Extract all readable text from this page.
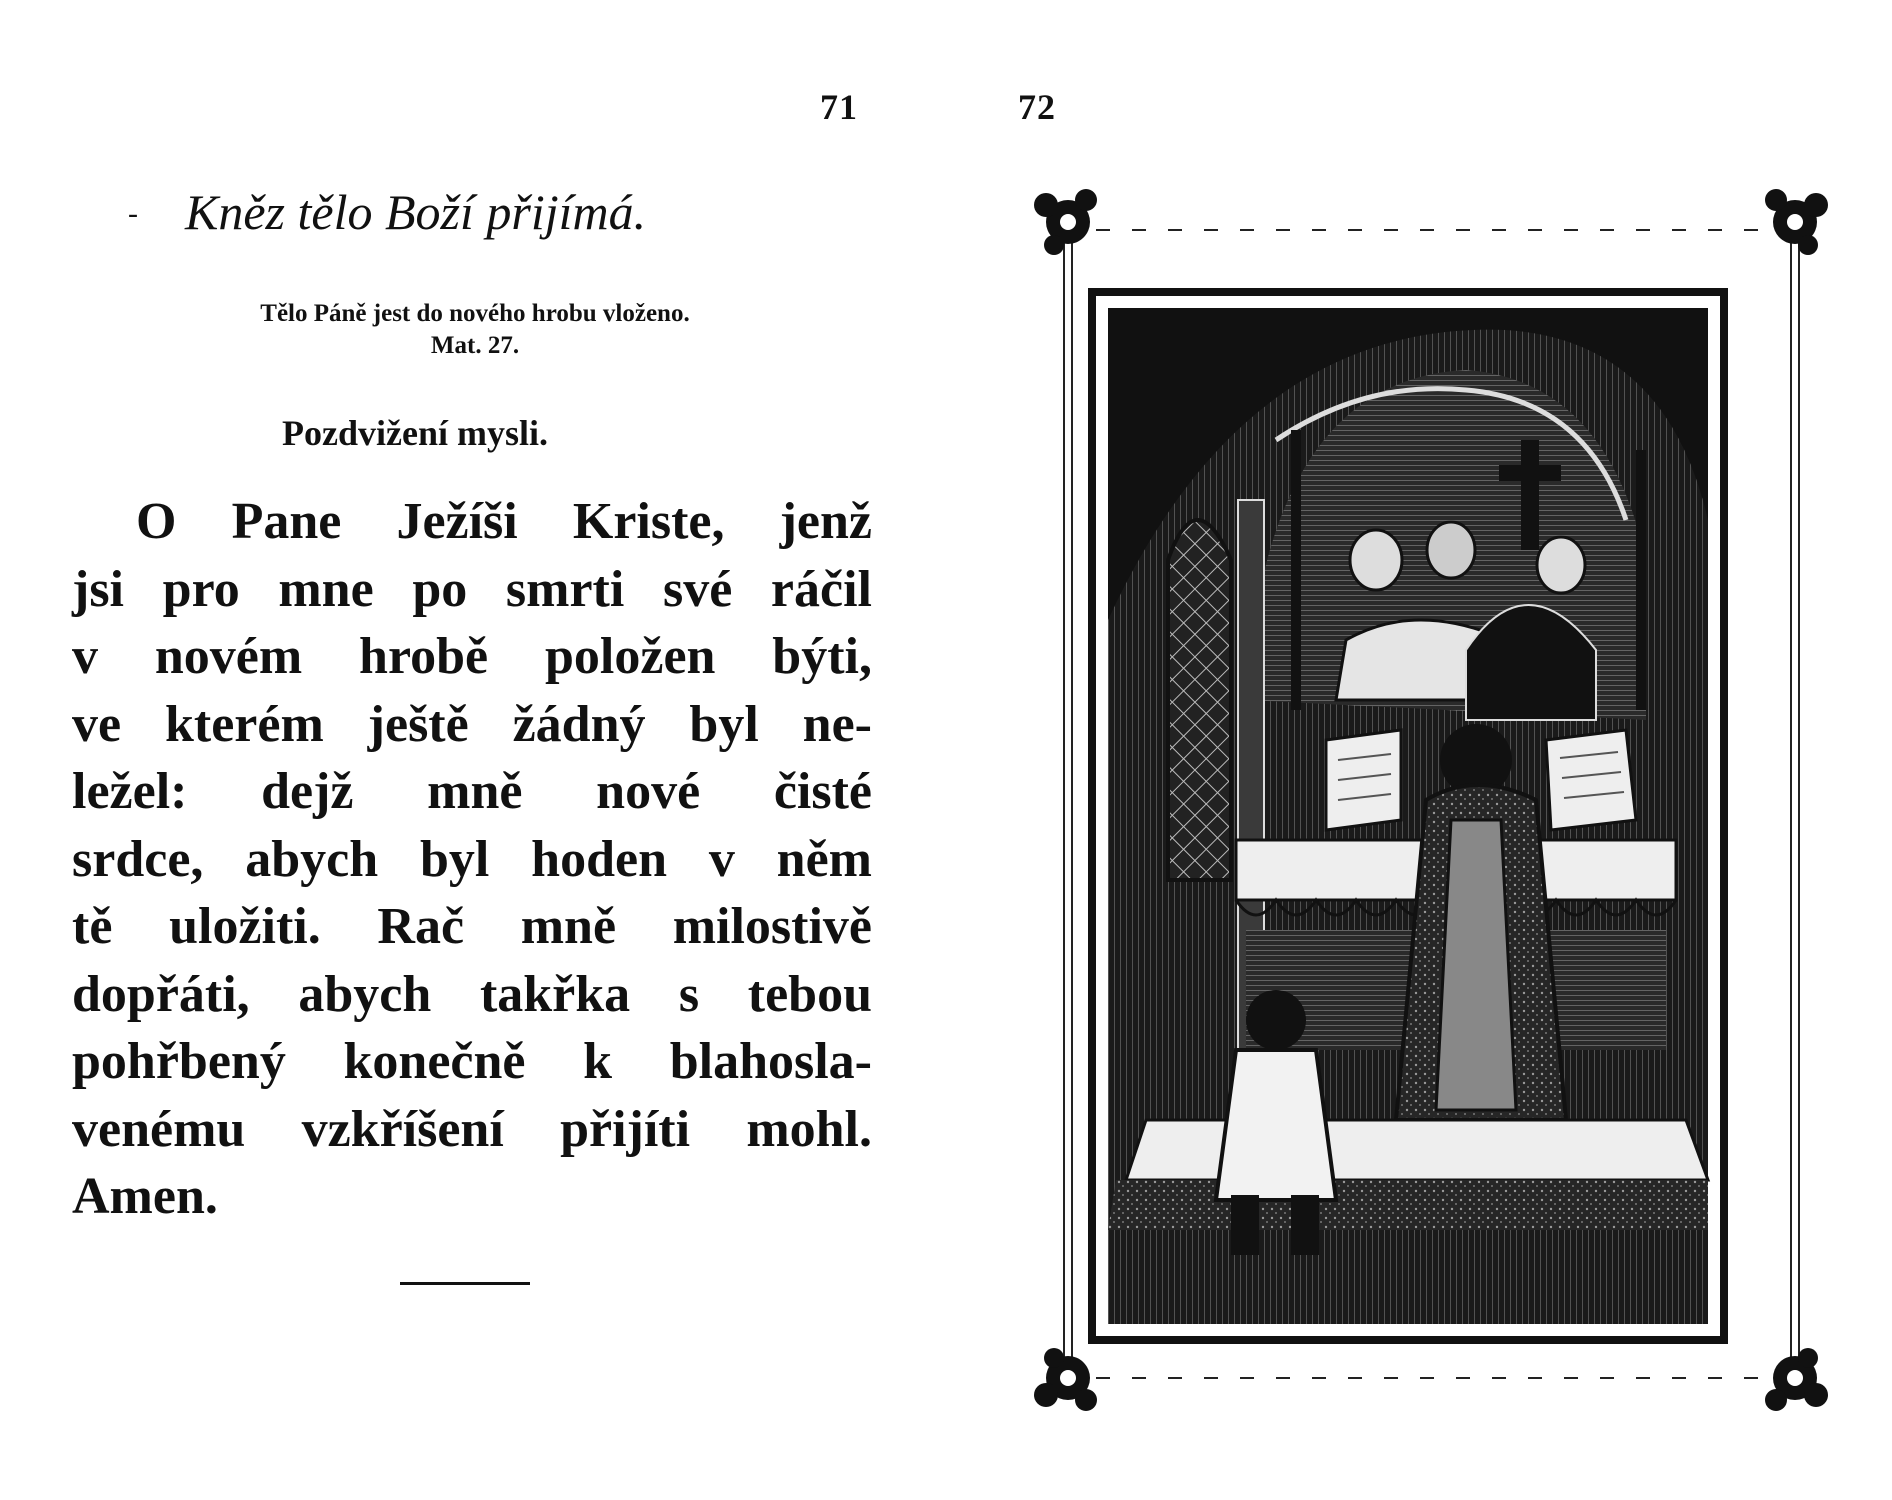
71
- Kněz tělo Boží přijímá.
Tělo Páně jest do nového hrobu vloženo.
Mat. 27.
Pozdvižení mysli.
O Pane Ježíši Kriste, jenž
jsi pro mne po smrti své ráčil
v novém hrobě položen býti,
ve kterém ještě žádný byl ne-
ležel: dejž mně nové čisté
srdce, abych byl hoden v něm
tě uložiti. Rač mně milostivě
dopřáti, abych takřka s tebou
pohřbený konečně k blahosla-
venému vzkříšení přijíti mohl.
Amen.
72
